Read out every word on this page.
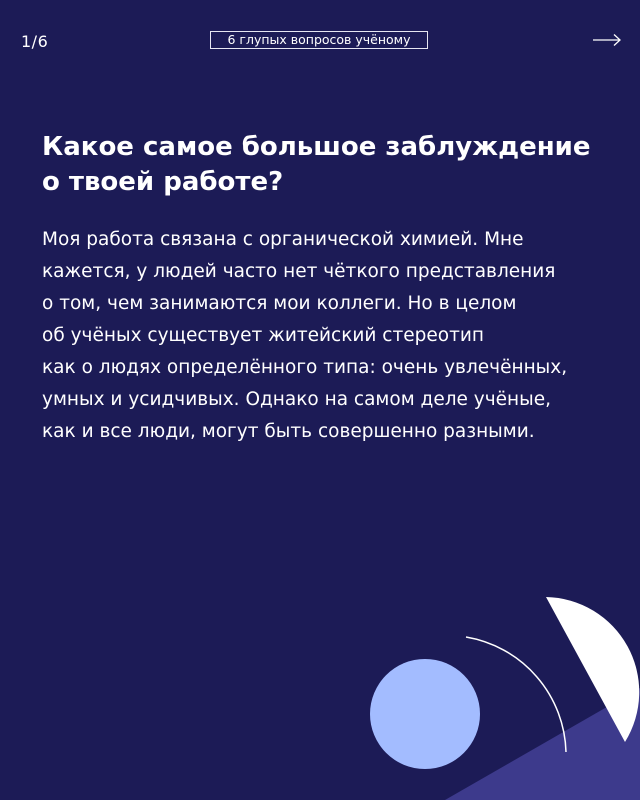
1/6	6 глупых вопросов учёному
Какое самое большое заблуждение
о твоей работе?

Моя работа связана с органической химией. Мне
кажется, у людей часто нет чёткого представления
о том, чем занимаются мои коллеги. Но в целом
об учёных существует житейский стереотип
как о людях определённого типа: очень увлечённых,
умных и усидчивых. Однако на самом деле учёные,
как и все люди, могут быть совершенно разными.
